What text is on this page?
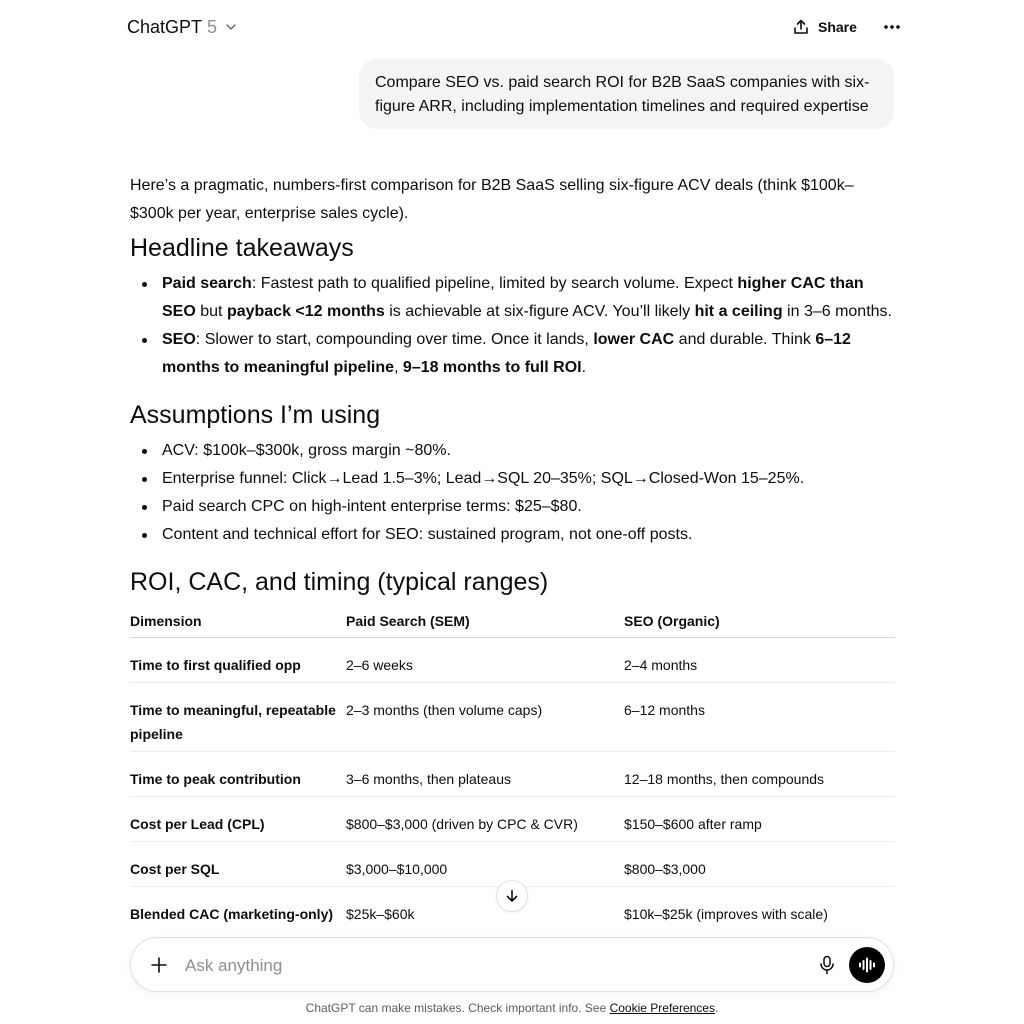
ChatGPT 5	Share
Compare SEO vs. paid search ROI for B2B SaaS companies with six-figure ARR, including implementation timelines and required expertise

Here’s a pragmatic, numbers-first comparison for B2B SaaS selling six-figure ACV deals (think $100k–$300k per year, enterprise sales cycle).

Headline takeaways
Paid search: Fastest path to qualified pipeline, limited by search volume. Expect higher CAC than SEO but payback <12 months is achievable at six-figure ACV. You’ll likely hit a ceiling in 3–6 months.
SEO: Slower to start, compounding over time. Once it lands, lower CAC and durable. Think 6–12 months to meaningful pipeline, 9–18 months to full ROI.
Assumptions I’m using
ACV: $100k–$300k, gross margin ~80%.
Enterprise funnel: Click→Lead 1.5–3%; Lead→SQL 20–35%; SQL→Closed-Won 15–25%.
Paid search CPC on high-intent enterprise terms: $25–$80.
Content and technical effort for SEO: sustained program, not one-off posts.
ROI, CAC, and timing (typical ranges)
Dimension	Paid Search (SEM)	SEO (Organic)
Time to first qualified opp	2–6 weeks	2–4 months
Time to meaningful, repeatable pipeline
2–3 months (then volume caps)	6–12 months
Time to peak contribution	3–6 months, then plateaus	12–18 months, then compounds
Cost per Lead (CPL)	$800–$3,000 (driven by CPC & CVR)	$150–$600 after ramp
Cost per SQL	$3,000–$10,000	$800–$3,000
Blended CAC (marketing-only) $25k–$60k	$10k–$25k (improves with scale)
Ask anything
ChatGPT can make mistakes. Check important info. See Cookie Preferences.
